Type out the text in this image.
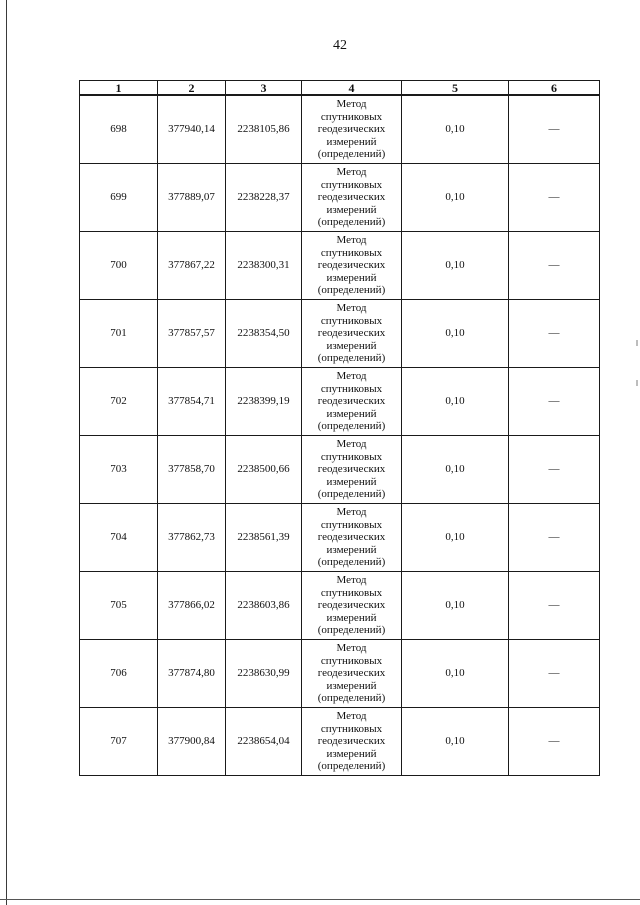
42
1	2	3	4	5	6
698	377940,14	2238105,86	Метод
спутниковых
геодезических
измерений
(определений)	0,10	—
699	377889,07	2238228,37	Метод
спутниковых
геодезических
измерений
(определений)	0,10	—
700	377867,22	2238300,31	Метод
спутниковых
геодезических
измерений
(определений)	0,10	—
701	377857,57	2238354,50	Метод
спутниковых
геодезических
измерений
(определений)	0,10	—
702	377854,71	2238399,19	Метод
спутниковых
геодезических
измерений
(определений)	0,10	—
703	377858,70	2238500,66	Метод
спутниковых
геодезических
измерений
(определений)	0,10	—
704	377862,73	2238561,39	Метод
спутниковых
геодезических
измерений
(определений)	0,10	—
705	377866,02	2238603,86	Метод
спутниковых
геодезических
измерений
(определений)	0,10	—
706	377874,80	2238630,99	Метод
спутниковых
геодезических
измерений
(определений)	0,10	—
707	377900,84	2238654,04	Метод
спутниковых
геодезических
измерений
(определений)	0,10	—
